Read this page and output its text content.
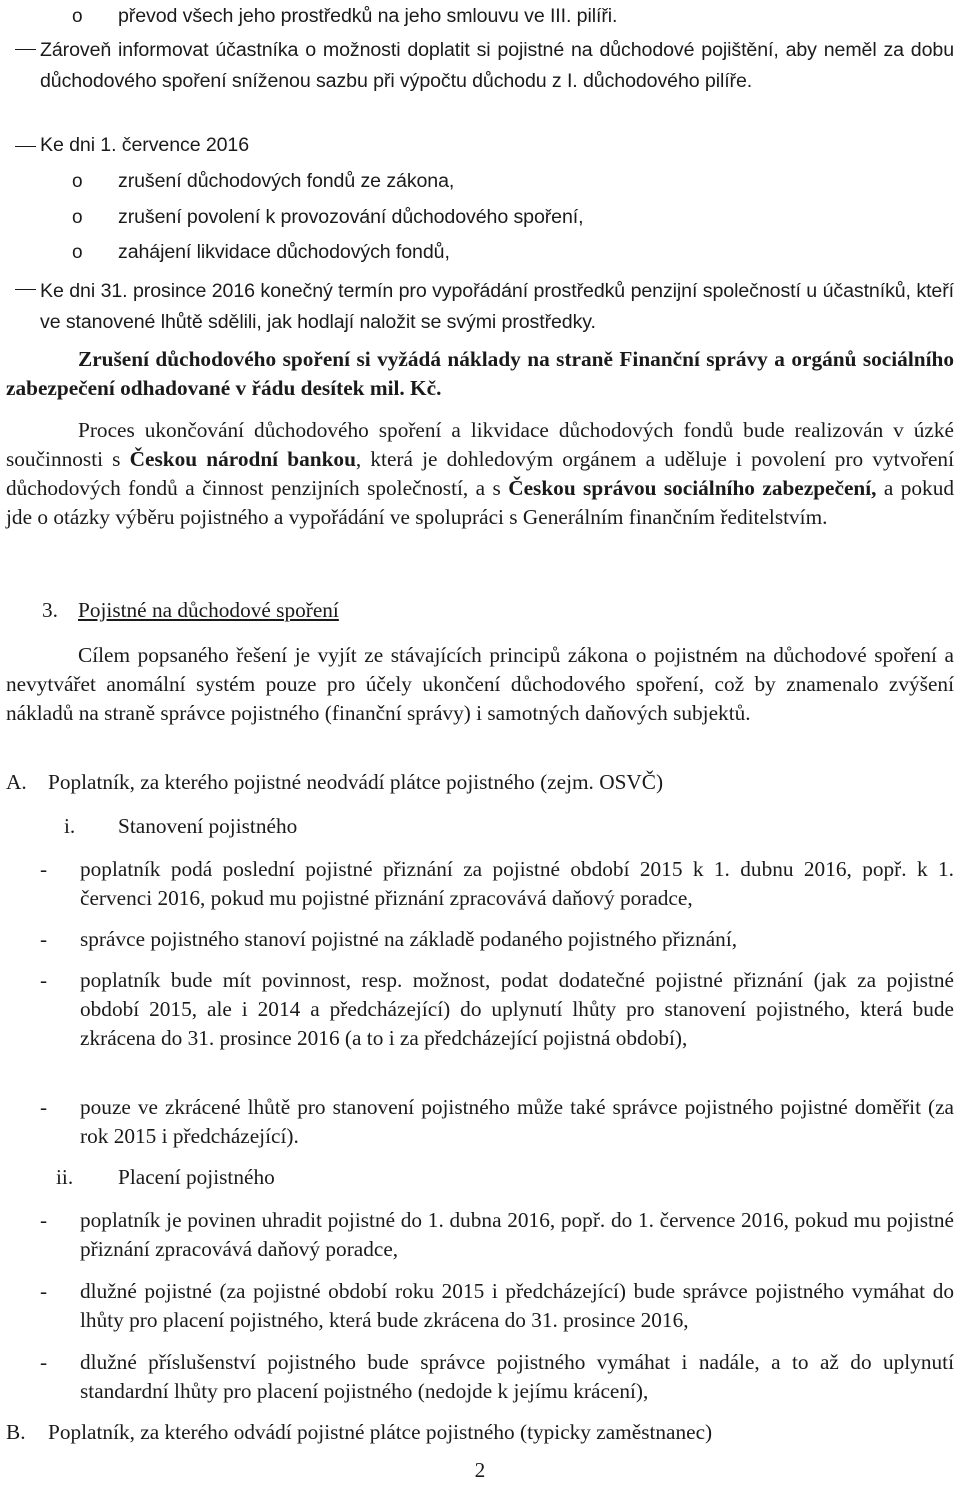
o převod všech jeho prostředků na jeho smlouvu ve III. pilíři.
Zároveň informovat účastníka o možnosti doplatit si pojistné na důchodové pojištění, aby neměl za dobu důchodového spoření sníženou sazbu při výpočtu důchodu z I. důchodového pilíře.
Ke dni 1. července 2016
o zrušení důchodových fondů ze zákona,
o zrušení povolení k provozování důchodového spoření,
o zahájení likvidace důchodových fondů,
Ke dni 31. prosince 2016 konečný termín pro vypořádání prostředků penzijní společností u účastníků, kteří ve stanovené lhůtě sdělili, jak hodlají naložit se svými prostředky.
Zrušení důchodového spoření si vyžádá náklady na straně Finanční správy a orgánů sociálního zabezpečení odhadované v řádu desítek mil. Kč.
Proces ukončování důchodového spoření a likvidace důchodových fondů bude realizován v úzké součinnosti s Českou národní bankou, která je dohledovým orgánem a uděluje i povolení pro vytvoření důchodových fondů a činnost penzijních společností, a s Českou správou sociálního zabezpečení, a pokud jde o otázky výběru pojistného a vypořádání ve spolupráci s Generálním finančním ředitelstvím.
3. Pojistné na důchodové spoření
Cílem popsaného řešení je vyjít ze stávajících principů zákona o pojistném na důchodové spoření a nevytvářet anomální systém pouze pro účely ukončení důchodového spoření, což by znamenalo zvýšení nákladů na straně správce pojistného (finanční správy) i samotných daňových subjektů.
A. Poplatník, za kterého pojistné neodvádí plátce pojistného (zejm. OSVČ)
i. Stanovení pojistného
- poplatník podá poslední pojistné přiznání za pojistné období 2015 k 1. dubnu 2016, popř. k 1. červenci 2016, pokud mu pojistné přiznání zpracovává daňový poradce,
- správce pojistného stanoví pojistné na základě podaného pojistného přiznání,
- poplatník bude mít povinnost, resp. možnost, podat dodatečné pojistné přiznání (jak za pojistné období 2015, ale i 2014 a předcházející) do uplynutí lhůty pro stanovení pojistného, která bude zkrácena do 31. prosince 2016 (a to i za předcházející pojistná období),
- pouze ve zkrácené lhůtě pro stanovení pojistného může také správce pojistného pojistné doměřit (za rok 2015 i předcházející).
ii. Placení pojistného
- poplatník je povinen uhradit pojistné do 1. dubna 2016, popř. do 1. července 2016, pokud mu pojistné přiznání zpracovává daňový poradce,
- dlužné pojistné (za pojistné období roku 2015 i předcházející) bude správce pojistného vymáhat do lhůty pro placení pojistného, která bude zkrácena do 31. prosince 2016,
- dlužné příslušenství pojistného bude správce pojistného vymáhat i nadále, a to až do uplynutí standardní lhůty pro placení pojistného (nedojde k jejímu krácení),
B. Poplatník, za kterého odvádí pojistné plátce pojistného (typicky zaměstnanec)
2
